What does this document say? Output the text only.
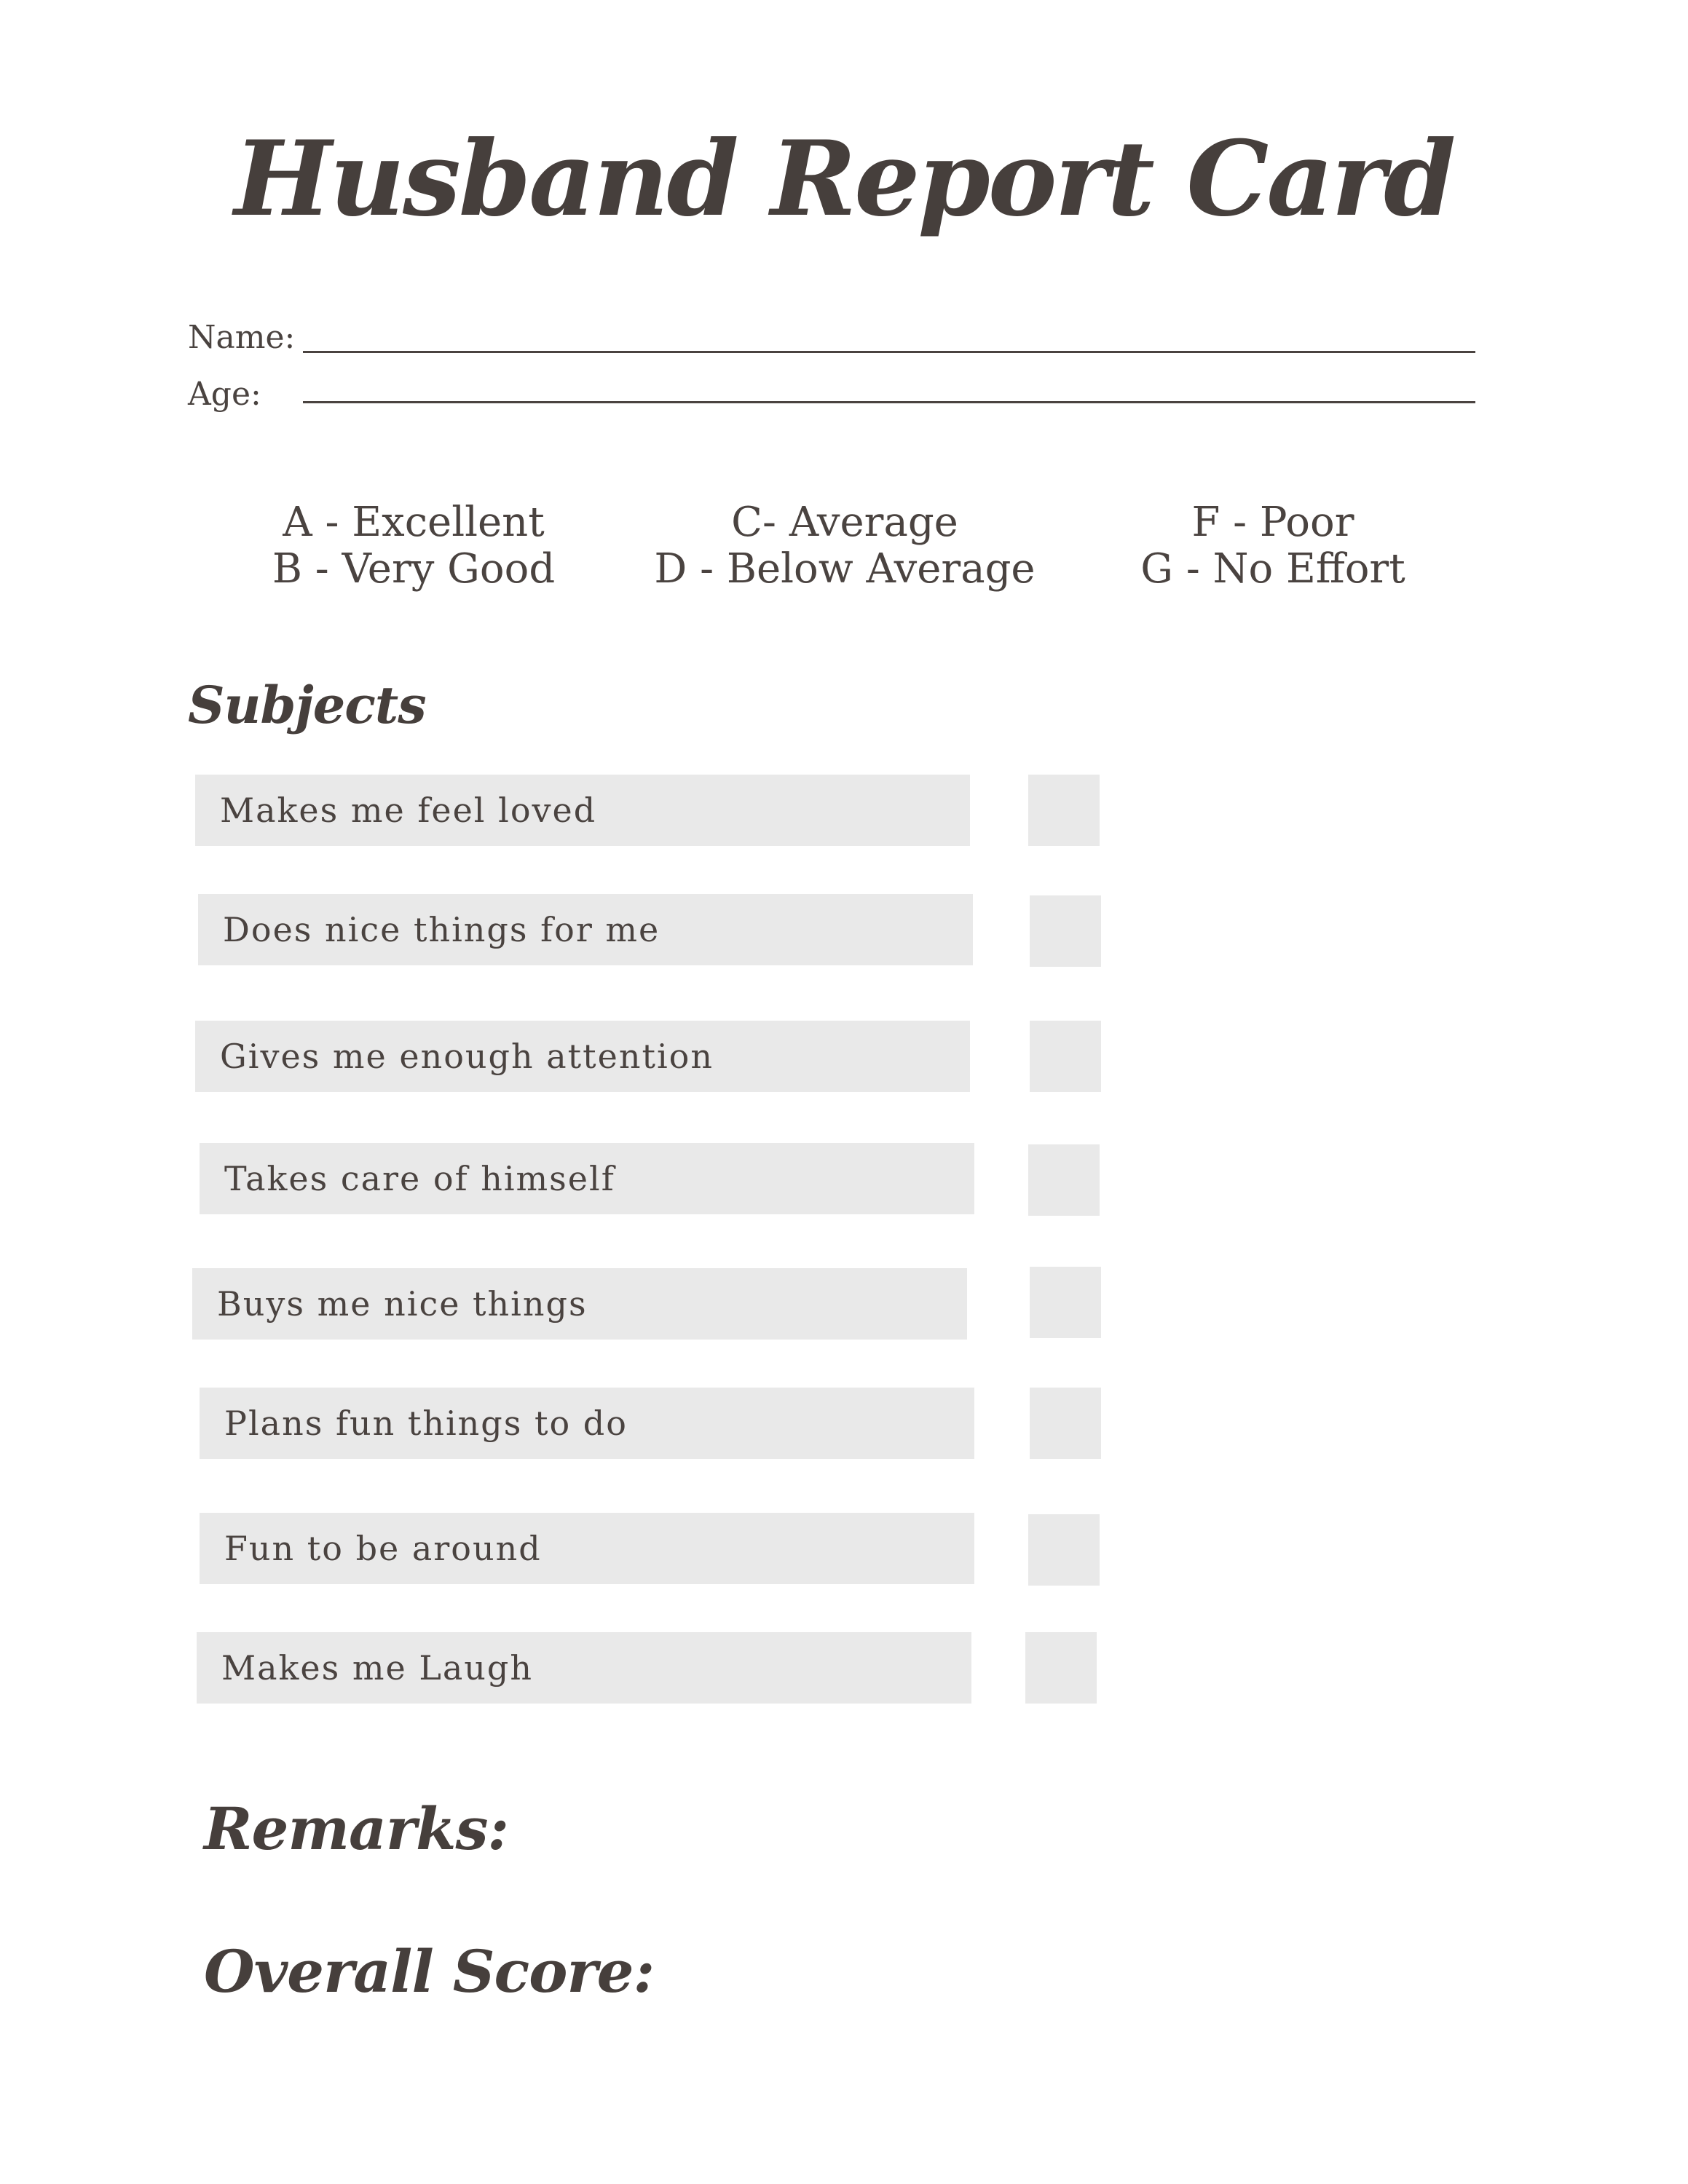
Husband Report Card
Name:
Age:
A - Excellent
B - Very Good
C- Average
D - Below Average
F - Poor
G - No Effort
Subjects
Makes me feel loved
Does nice things for me
Gives me enough attention
Takes care of himself
Buys me nice things
Plans fun things to do
Fun to be around
Makes me Laugh
Remarks:
Overall Score:
